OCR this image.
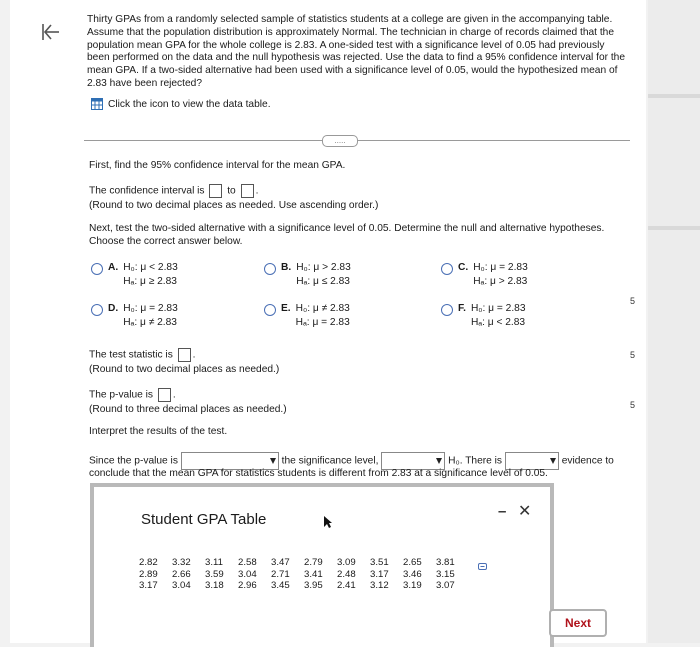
Thirty GPAs from a randomly selected sample of statistics students at a college are given in the accompanying table. Assume that the population distribution is approximately Normal. The technician in charge of records claimed that the population mean GPA for the whole college is 2.83. A one-sided test with a significance level of 0.05 had previously been performed on the data and the null hypothesis was rejected. Use the data to find a 95% confidence interval for the mean GPA. If a two-sided alternative had been used with a significance level of 0.05, would the hypothesized mean of 2.83 have been rejected?
Click the icon to view the data table.
.....
First, find the 95% confidence interval for the mean GPA.
The confidence interval is to .
(Round to two decimal places as needed. Use ascending order.)
Next, test the two-sided alternative with a significance level of 0.05. Determine the null and alternative hypotheses. Choose the correct answer below.
A. H₀: μ < 2.83
Hₐ: μ ≥ 2.83
B. H₀: μ > 2.83
Hₐ: μ ≤ 2.83
C. H₀: μ = 2.83
Hₐ: μ > 2.83
D. H₀: μ = 2.83
Hₐ: μ ≠ 2.83
E. H₀: μ ≠ 2.83
Hₐ: μ = 2.83
F. H₀: μ = 2.83
Hₐ: μ < 2.83
The test statistic is .
(Round to two decimal places as needed.)
The p-value is .
(Round to three decimal places as needed.)
Interpret the results of the test.
Since the p-value is	the significance level,	H₀. There is	evidence to
conclude that the mean GPA for statistics students is different from 2.83 at a significance level of 0.05.
Student GPA Table	– ✕
2.82	3.32	3.11	2.58	3.47	2.79	3.09	3.51	2.65	3.81
2.89	2.66	3.59	3.04	2.71	3.41	2.48	3.17	3.46	3.15
3.17	3.04	3.18	2.96	3.45	3.95	2.41	3.12	3.19	3.07
5
5
5
Next
